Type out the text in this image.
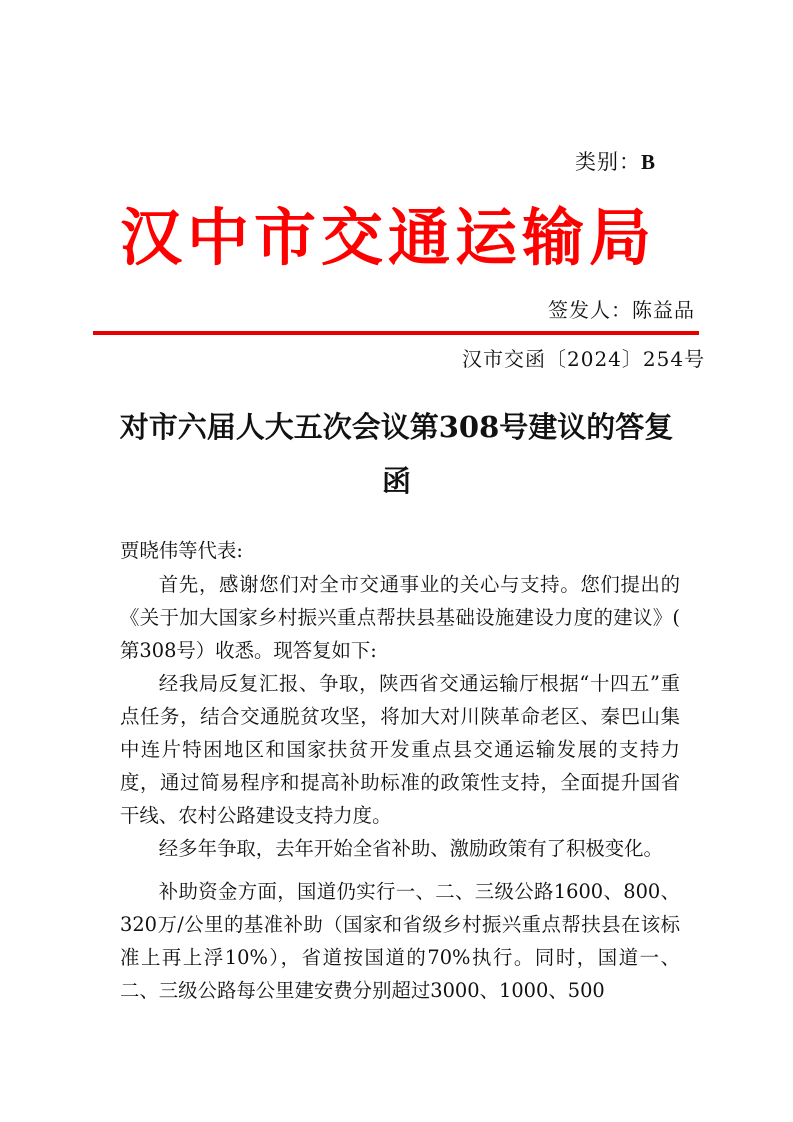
类别：B
汉中市交通运输局
签发人：陈益品
汉市交函〔2024〕254号
对市六届人大五次会议第308号建议的答复
函

贾晓伟等代表:

首先，感谢您们对全市交通事业的关心与支持。您们提出的《关于加大国家乡村振兴重点帮扶县基础设施建设力度的建议》( 第308号）收悉。现答复如下:

经我局反复汇报、争取，陕西省交通运输厅根据“十四五”重点任务，结合交通脱贫攻坚，将加大对川陕革命老区、秦巴山集中连片特困地区和国家扶贫开发重点县交通运输发展的支持力度，通过简易程序和提高补助标准的政策性支持，全面提升国省干线、农村公路建设支持力度。

经多年争取，去年开始全省补助、激励政策有了积极变化。

补助资金方面，国道仍实行一、二、三级公路1600、800、320万/公里的基准补助（国家和省级乡村振兴重点帮扶县在该标准上再上浮10%），省道按国道的70%执行。同时，国道一、二、三级公路每公里建安费分别超过3000、1000、500
